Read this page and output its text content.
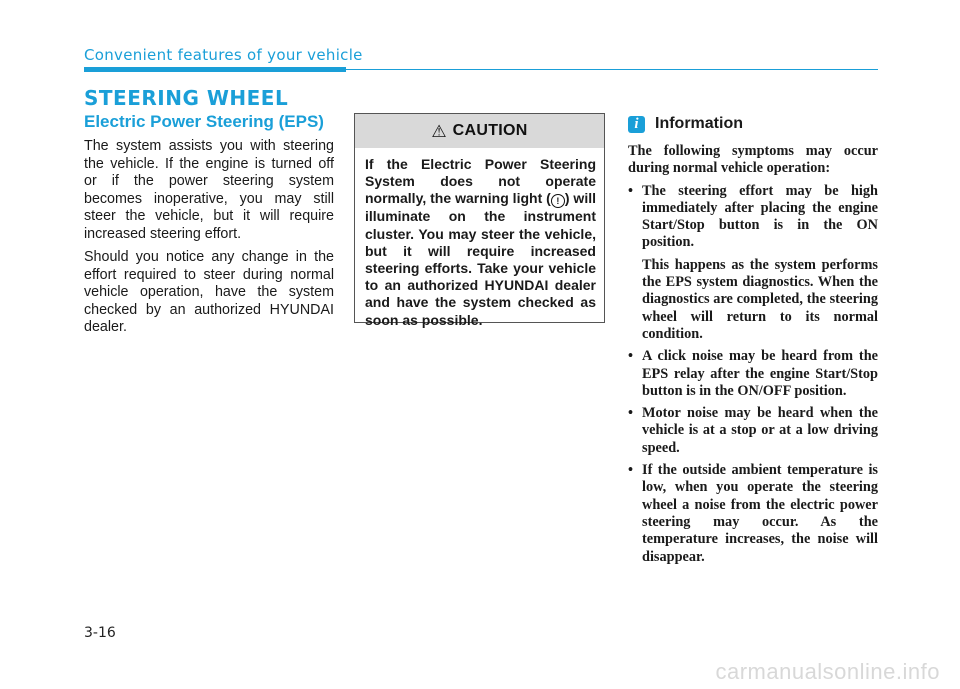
Convenient features of your vehicle
STEERING WHEEL
Electric Power Steering (EPS)

The system assists you with steering the vehicle. If the engine is turned off or if the power steering system becomes inoperative, you may still steer the vehicle, but it will require increased steering effort.

Should you notice any change in the effort required to steer during normal vehicle operation, have the system checked by an authorized HYUNDAI dealer.

⚠ CAUTION
If the Electric Power Steering System does not operate normally, the warning light ( ! ) will illuminate on the instrument cluster. You may steer the vehicle, but it will require increased steering efforts. Take your vehicle to an authorized HYUNDAI dealer and have the system checked as soon as possible.
i	Information

The following symptoms may occur during normal vehicle operation:

• The steering effort may be high immediately after placing the engine Start/Stop button is in the ON position.
This happens as the system performs the EPS system diagnostics. When the diagnostics are completed, the steering wheel will return to its normal condition.
• A click noise may be heard from the EPS relay after the engine Start/Stop button is in the ON/OFF position.
• Motor noise may be heard when the vehicle is at a stop or at a low driving speed.
• If the outside ambient temperature is low, when you operate the steering wheel a noise from the electric power steering may occur. As the temperature increases, the noise will disappear.
3-16
carmanualsonline.info
